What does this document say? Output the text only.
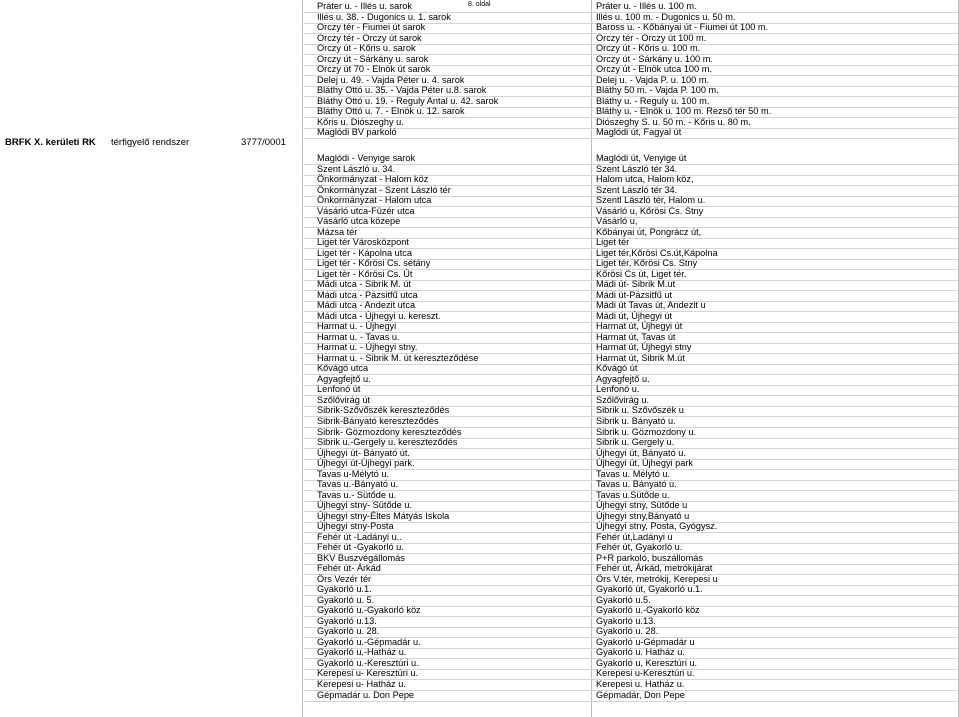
8. oldal
BRFK X. kerületi RK térfigyelő rendszer	3777/0001
Práter u. - Illés u. sarok	Práter u. - Illés u. 100 m.
Illés u. 38. - Dugonics u. 1. sarok	Illés u. 100 m. - Dugonics u. 50 m.
Orczy tér - Fiumei út sarok	Baross u. - Kőbányai út - Fiumei út 100 m.
Orczy tér - Orczy út sarok	Orczy tér - Orczy út 100 m.
Orczy út - Kőris u. sarok	Orczy út - Kőris u. 100 m.
Orczy út - Sárkány u. sarok	Orczy út - Sárkány u. 100 m.
Orczy út 70 - Elnök út sarok	Orczy út - Elnök utca 100 m.
Delej u. 49. - Vajda Péter u. 4. sarok	Delej u. - Vajda P. u. 100 m.
Bláthy Ottó u. 35. - Vajda Péter u.8. sarok	Bláthy 50 m. - Vajda P. 100 m.
Bláthy Ottó u. 19. - Reguly Antal u. 42. sarok	Bláthy u. - Reguly u. 100 m.
Bláthy Ottó u. 7. - Elnök u. 12. sarok	Bláthy u. - Elnök u. 100 m. Rezső tér 50 m.
Kőris u. Diószeghy u.	Diószeghy S. u. 50 m. - Kőris u. 80 m.
Maglódi BV parkoló	Maglódi út, Fagyal út
Maglódi - Venyige sarok	Maglódi út, Venyige út
Szent László u. 34.	Szent László tér 34.
Önkormányzat - Halom köz	Halom utca, Halom köz,
Önkormányzat - Szent László tér	Szent László tér 34.
Önkormányzat - Halom utca	Szentl László tér, Halom u.
Vásárló utca-Füzér utca	Vásárló u, Kőrösi Cs. Stny
Vásárló utca közepe	Vásárló u,
Mázsa tér	Kőbányai út, Pongrácz út,
Liget tér Városközpont	Liget tér
Liget tér - Kápolna utca	Liget tér,Kőrösi Cs.út,Kápolna
Liget tér - Kőrösi Cs. sétány	Liget tér, Kőrösi Cs. Stny
Liget tér - Kőrösi Cs. Út	Kőrösi Cs út, Liget tér.
Mádi utca - Sibrik M. út	Mádi út- Sibrik M.ut
Mádi utca - Pázsitfű utca	Mádi út-Pázsitfű ut
Mádi utca - Andezit utca	Mádi út Tavas út, Andezit u
Mádi utca - Újhegyi u. kereszt.	Mádi út, Újhegyi út
Harmat u. - Újhegyi	Harmat út, Újhegyi út
Harmat u. - Tavas u.	Harmat út, Tavas út
Harmat u. - Újhegyi stny.	Harmat út, Újhegyi stny
Harmat u. - Sibrik M. út kereszteződése	Harmat út, Sibrik M.út
Kővágó utca	Kővágó út
Agyagfejtő u.	Agyagfejtő u.
Lenfonó út	Lenfonó u.
Szőlővirág út	Szőlővirág u.
Sibrik-Szővőszék kereszteződés	Sibrik u. Szővőszék u
Sibrik-Bányató kereszteződés	Sibrik u. Bányató u.
Sibrik- Gözmozdony kereszteződés	Sibrik u. Gözmozdony u.
Sibrik u.-Gergely u. kereszteződés	Sibrik u. Gergely u.
Újhegyi út- Bányató út.	Újhegyi út, Bányató u.
Újhegyi út-Újhegyi park.	Újhegyi út, Újhegyi park
Tavas u-Mélytó u.	Tavas u. Mélytó u.
Tavas u.-Bányató u.	Tavas u. Bányató u.
Tavas u.- Sütőde u.	Tavas u.Sütőde u.
Újhegyi stny- Sütőde u.	Újhegyi stny, Sütőde u
Újhegyi stny-Éltes Mátyás Iskola	Újhegyi stny,Bányató u
Újhegyi stny-Posta	Újhegyi stny, Posta, Gyógysz.
Fehér út -Ladányi u..	Fehér út,Ladányi u
Fehér út -Gyakorló u.	Fehér út, Gyakorló u.
BKV Buszvégállomás	P+R parkoló, buszállomás
Fehér út- Árkád	Fehér út, Árkád, metrókijárat
Örs Vezér tér	Örs V.tér, metrókij, Kerepesi u
Gyakorló u.1.	Gyakorló út, Gyakorló u.1.
Gyakorló u. 5.	Gyakorló u.5.
Gyakorló u.-Gyakorló köz	Gyakorló u.-Gyakorló köz
Gyakorló u.13.	Gyakorló u.13.
Gyakorló u. 28.	Gyakorló u. 28.
Gyakorló u.-Gépmadár u.	Gyakorló u-Gépmadár u
Gyakorló u.-Hatház u.	Gyakorló u. Hatház u.
Gyakorló u.-Keresztúri u.	Gyakorló u, Keresztúri u.
Kerepesi u- Keresztúri u.	Kerepesi u-Keresztúri u.
Kerepesi u- Hatház u.	Kerepesi u. Hatház u.
Gépmadár u. Don Pepe	Gépmadár, Don Pepe
